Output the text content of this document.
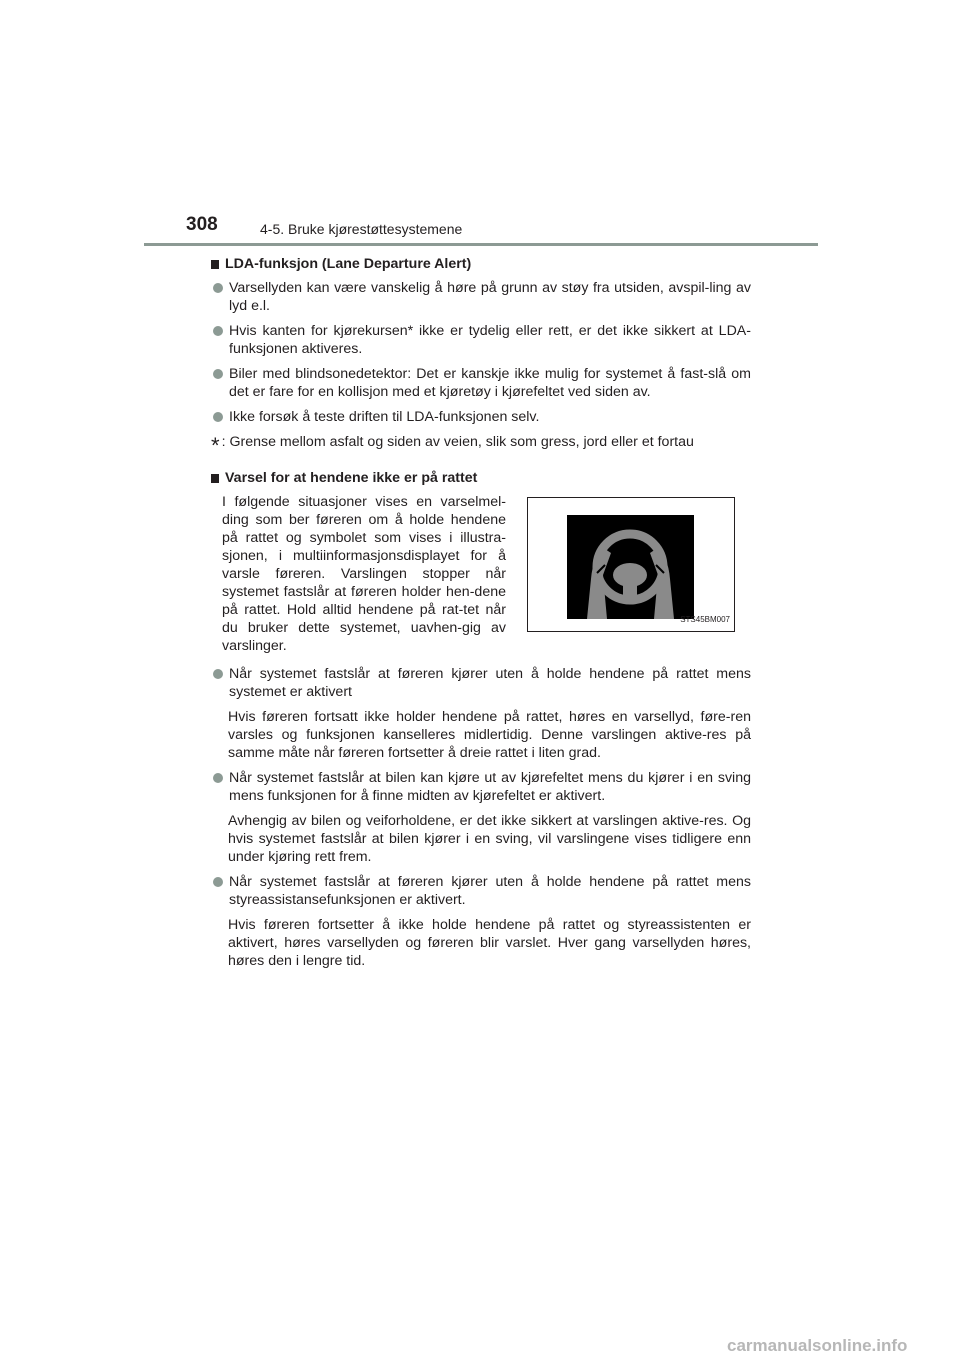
308	4-5. Bruke kjørestøttesystemene
LDA-funksjon (Lane Departure Alert)
Varsellyden kan være vanskelig å høre på grunn av støy fra utsiden, avspil-ling av lyd e.l.
Hvis kanten for kjørekursen* ikke er tydelig eller rett, er det ikke sikkert at LDA-funksjonen aktiveres.
Biler med blindsonedetektor: Det er kanskje ikke mulig for systemet å fast-slå om det er fare for en kollisjon med et kjøretøy i kjørefeltet ved siden av.
Ikke forsøk å teste driften til LDA-funksjonen selv.
* : Grense mellom asfalt og siden av veien, slik som gress, jord eller et fortau
Varsel for at hendene ikke er på rattet
I følgende situasjoner vises en varselmel-ding som ber føreren om å holde hendene på rattet og symbolet som vises i illustra-sjonen, i multiinformasjonsdisplayet for å varsle føreren. Varslingen stopper når systemet fastslår at føreren holder hen-dene på rattet. Hold alltid hendene på rat-tet når du bruker dette systemet, uavhen-gig av varslinger.
STS45BM007
Når systemet fastslår at føreren kjører uten å holde hendene på rattet mens systemet er aktivert
Hvis føreren fortsatt ikke holder hendene på rattet, høres en varsellyd, føre-ren varsles og funksjonen kanselleres midlertidig. Denne varslingen aktive-res på samme måte når føreren fortsetter å dreie rattet i liten grad.
Når systemet fastslår at bilen kan kjøre ut av kjørefeltet mens du kjører i en sving mens funksjonen for å finne midten av kjørefeltet er aktivert.
Avhengig av bilen og veiforholdene, er det ikke sikkert at varslingen aktive-res. Og hvis systemet fastslår at bilen kjører i en sving, vil varslingene vises tidligere enn under kjøring rett frem.
Når systemet fastslår at føreren kjører uten å holde hendene på rattet mens styreassistansefunksjonen er aktivert.
Hvis føreren fortsetter å ikke holde hendene på rattet og styreassistenten er aktivert, høres varsellyden og føreren blir varslet. Hver gang varsellyden høres, høres den i lengre tid.
carmanualsonline.info
